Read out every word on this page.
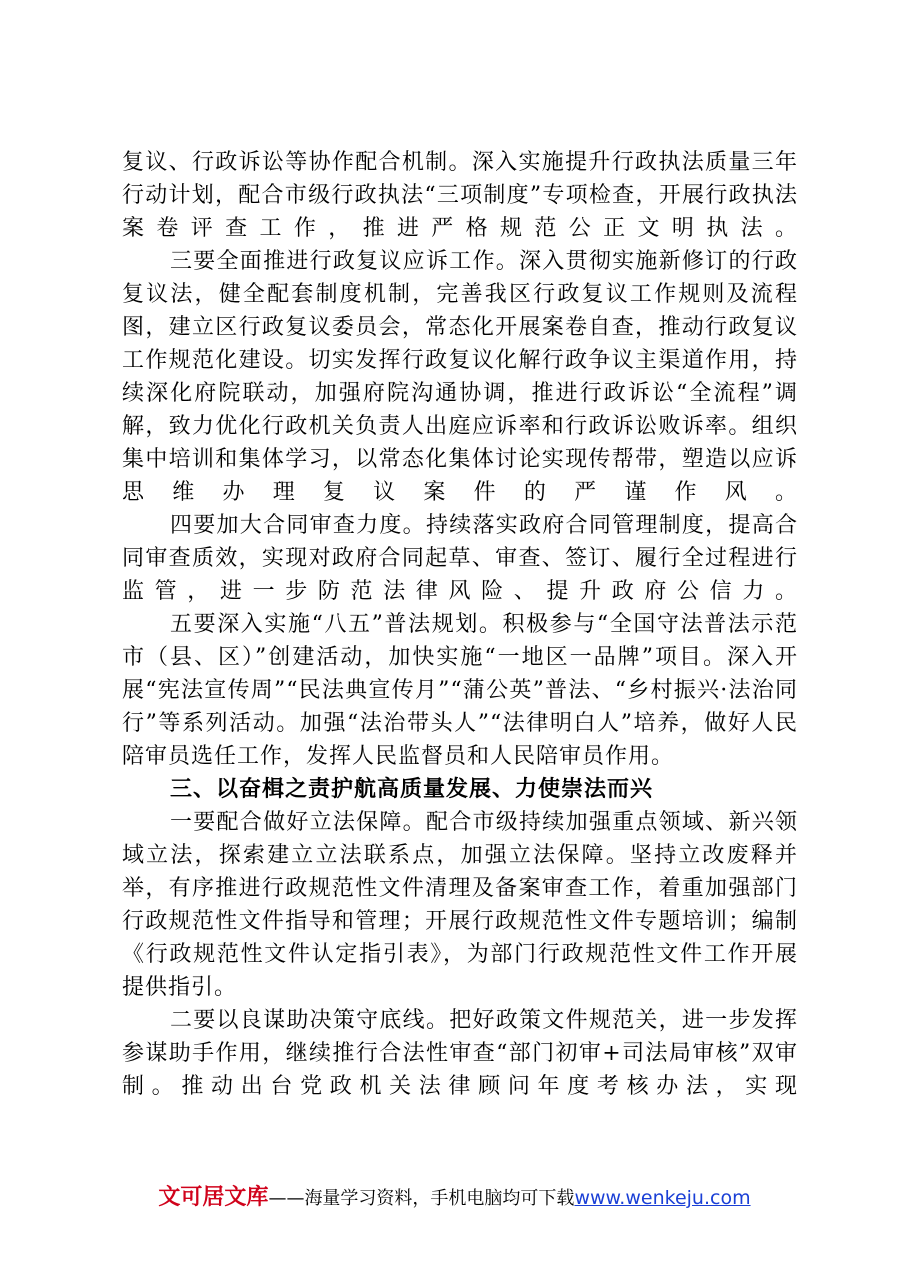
复议、行政诉讼等协作配合机制。深入实施提升行政执法质量三年行动计划，配合市级行政执法“三项制度”专项检查，开展行政执法案卷评查工作，推进严格规范公正文明执法。

三要全面推进行政复议应诉工作。深入贯彻实施新修订的行政复议法，健全配套制度机制，完善我区行政复议工作规则及流程图，建立区行政复议委员会，常态化开展案卷自查，推动行政复议工作规范化建设。切实发挥行政复议化解行政争议主渠道作用，持续深化府院联动，加强府院沟通协调，推进行政诉讼“全流程”调解，致力优化行政机关负责人出庭应诉率和行政诉讼败诉率。组织集中培训和集体学习，以常态化集体讨论实现传帮带，塑造以应诉思维办理复议案件的严谨作风。

四要加大合同审查力度。持续落实政府合同管理制度，提高合同审查质效，实现对政府合同起草、审查、签订、履行全过程进行监管，进一步防范法律风险、提升政府公信力。

五要深入实施“八五”普法规划。积极参与“全国守法普法示范市（县、区）”创建活动，加快实施“一地区一品牌”项目。深入开展“宪法宣传周”“民法典宣传月”“蒲公英”普法、“乡村振兴·法治同行”等系列活动。加强“法治带头人”“法律明白人”培养，做好人民陪审员选任工作，发挥人民监督员和人民陪审员作用。

三、以奋楫之责护航高质量发展、力使崇法而兴

一要配合做好立法保障。配合市级持续加强重点领域、新兴领域立法，探索建立立法联系点，加强立法保障。坚持立改废释并举，有序推进行政规范性文件清理及备案审查工作，着重加强部门行政规范性文件指导和管理；开展行政规范性文件专题培训；编制《行政规范性文件认定指引表》，为部门行政规范性文件工作开展提供指引。

二要以良谋助决策守底线。把好政策文件规范关，进一步发挥参谋助手作用，继续推行合法性审查“部门初审+司法局审核”双审制。推动出台党政机关法律顾问年度考核办法，实现

文可居文库——海量学习资料，手机电脑均可下载www.wenkeju.com
